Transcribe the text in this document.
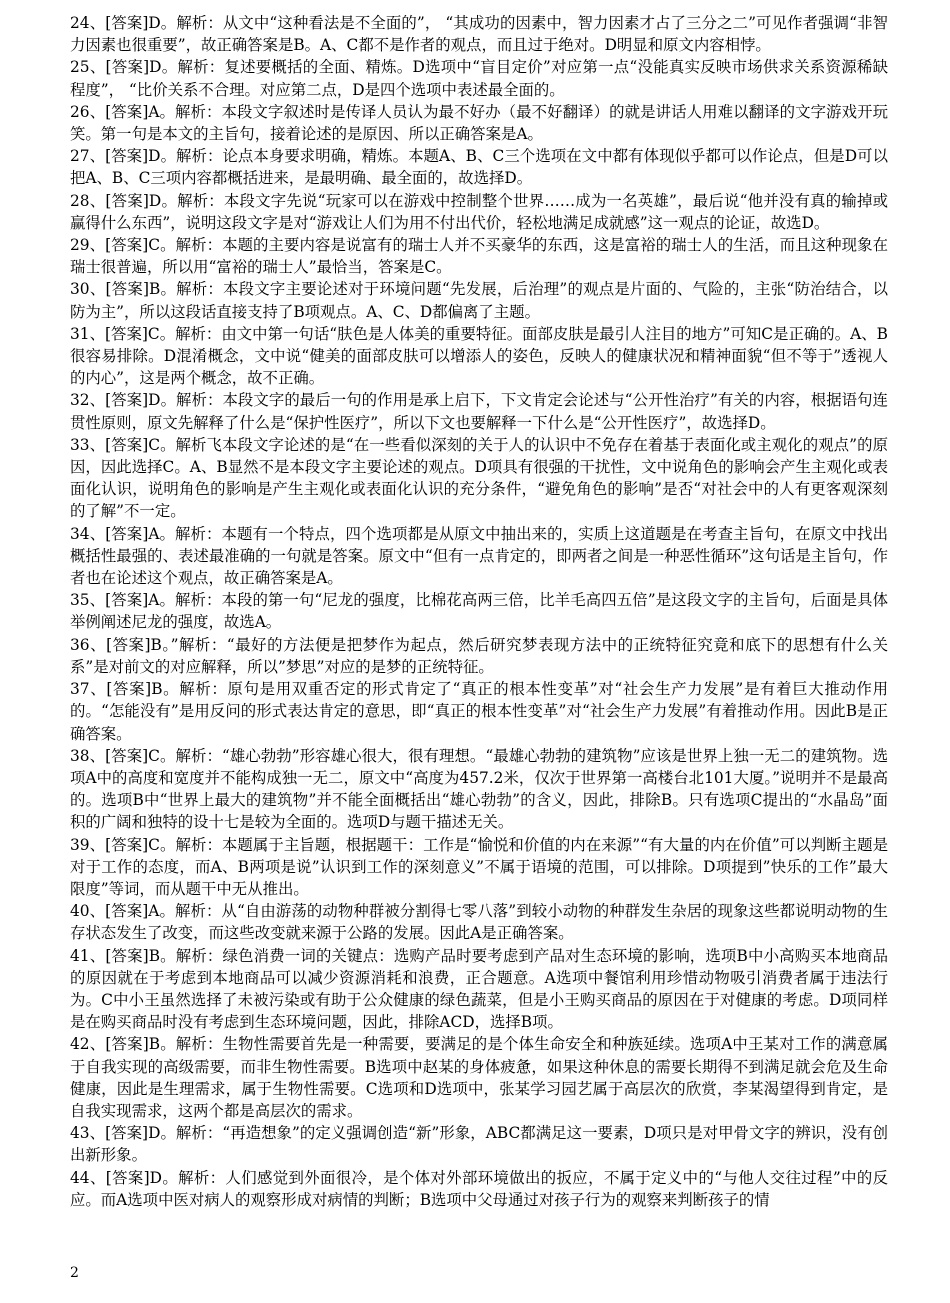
24、[答案]D。解析：从文中“这种看法是不全面的”， “其成功的因素中，智力因素才占了三分之二”可见作者强调“非智力因素也很重要”，故正确答案是B。A、C都不是作者的观点，而且过于绝对。D明显和原文内容相悖。

25、[答案]D。解析：复述要概括的全面、精炼。D选项中“盲目定价”对应第一点“没能真实反映市场供求关系资源稀缺程度”， “比价关系不合理。对应第二点，D是四个选项中表述最全面的。

26、[答案]A。解析：本段文字叙述时是传译人员认为最不好办（最不好翻译）的就是讲话人用难以翻译的文字游戏开玩笑。第一句是本文的主旨句，接着论述的是原因、所以正确答案是A。

27、[答案]D。解析：论点本身要求明确，精炼。本题A、B、C三个选项在文中都有体现似乎都可以作论点，但是D可以把A、B、C三项内容都概括进来，是最明确、最全面的，故选择D。

28、[答案]D。解析：本段文字先说“玩家可以在游戏中控制整个世界……成为一名英雄”，最后说“他并没有真的输掉或赢得什么东西”，说明这段文字是对“游戏让人们为用不付出代价，轻松地满足成就感”这一观点的论证，故选D。

29、[答案]C。解析：本题的主要内容是说富有的瑞士人并不买豪华的东西，这是富裕的瑞士人的生活，而且这种现象在瑞士很普遍，所以用“富裕的瑞士人”最恰当，答案是C。

30、[答案]B。解析：本段文字主要论述对于环境问题“先发展，后治理”的观点是片面的、气险的，主张“防治结合，以防为主”，所以这段话直接支持了B项观点。A、C、D都偏离了主题。

31、[答案]C。解析：由文中第一句话“肤色是人体美的重要特征。面部皮肤是最引人注目的地方”可知C是正确的。A、B很容易排除。D混淆概念，文中说“健美的面部皮肤可以增添人的姿色，反映人的健康状况和精神面貌“但不等于”透视人的内心”，这是两个概念，故不正确。

32、[答案]D。解析：本段文字的最后一句的作用是承上启下，下文肯定会论述与“公开性治疗”有关的内容，根据语句连贯性原则，原文先解释了什么是“保护性医疗”，所以下文也要解释一下什么是“公开性医疗”，故选择D。

33、[答案]C。解析飞本段文字论述的是“在一些看似深刻的关于人的认识中不免存在着基于表面化或主观化的观点”的原因，因此选择C。A、B显然不是本段文字主要论述的观点。D项具有很强的干扰性，文中说角色的影响会产生主观化或表面化认识，说明角色的影响是产生主观化或表面化认识的充分条件，“避免角色的影响”是否“对社会中的人有更客观深刻的了解”不一定。

34、[答案]A。解析：本题有一个特点，四个选项都是从原文中抽出来的，实质上这道题是在考查主旨句，在原文中找出概括性最强的、表述最准确的一句就是答案。原文中“但有一点肯定的，即两者之间是一种恶性循环”这句话是主旨句，作者也在论述这个观点，故正确答案是A。

35、[答案]A。解析：本段的第一句“尼龙的强度，比棉花高两三倍，比羊毛高四五倍”是这段文字的主旨句，后面是具体举例阐述尼龙的强度，故选A。

36、[答案]B。”解析：“最好的方法便是把梦作为起点，然后研究梦表现方法中的正统特征究竟和底下的思想有什么关系”是对前文的对应解释，所以”梦思”对应的是梦的正统特征。

37、[答案]B。解析：原句是用双重否定的形式肯定了“真正的根本性变革”对“社会生产力发展”是有着巨大推动作用的。“怎能没有”是用反问的形式表达肯定的意思，即“真正的根本性变革”对“社会生产力发展”有着推动作用。因此B是正确答案。

38、[答案]C。解析：“雄心勃勃”形容雄心很大，很有理想。“最雄心勃勃的建筑物”应该是世界上独一无二的建筑物。选项A中的高度和宽度并不能构成独一无二，原文中“高度为457.2米，仅次于世界第一高楼台北101大厦。”说明并不是最高的。选项B中“世界上最大的建筑物”并不能全面概括出“雄心勃勃”的含义，因此，排除B。只有选项C提出的“水晶岛”面积的广阔和独特的设十七是较为全面的。选项D与题干描述无关。

39、[答案]C。解析：本题属于主旨题，根据题干：工作是“愉悦和价值的内在来源”“有大量的内在价值”可以判断主题是对于工作的态度，而A、B两项是说”认识到工作的深刻意义”不属于语境的范围，可以排除。D项提到”快乐的工作”最大限度”等词，而从题干中无从推出。

40、[答案]A。解析：从“自由游荡的动物种群被分割得七零八落”到较小动物的种群发生杂居的现象这些都说明动物的生存状态发生了改变，而这些改变就来源于公路的发展。因此A是正确答案。

41、[答案]B。解析：绿色消费一词的关键点：选购产品时要考虑到产品对生态环境的影响，选项B中小高购买本地商品的原因就在于考虑到本地商品可以减少资源消耗和浪费，正合题意。A选项中餐馆利用珍惜动物吸引消费者属于违法行为。C中小王虽然选择了未被污染或有助于公众健康的绿色蔬菜，但是小王购买商品的原因在于对健康的考虑。D项同样是在购买商品时没有考虑到生态环境问题，因此，排除ACD，选择B项。

42、[答案]B。解析：生物性需要首先是一种需要，要满足的是个体生命安全和种族延续。选项A中王某对工作的满意属于自我实现的高级需要，而非生物性需要。B选项中赵某的身体疲惫，如果这种休息的需要长期得不到满足就会危及生命健康，因此是生理需求，属于生物性需要。C选项和D选项中，张某学习园艺属于高层次的欣赏，李某渴望得到肯定，是自我实现需求，这两个都是高层次的需求。

43、[答案]D。解析：“再造想象”的定义强调创造“新”形象，ABC都满足这一要素，D项只是对甲骨文字的辨识，没有创出新形象。

44、[答案]D。解析：人们感觉到外面很冷，是个体对外部环境做出的扳应，不属于定义中的“与他人交往过程”中的反应。而A选项中医对病人的观察形成对病情的判断；B选项中父母通过对孩子行为的观察来判断孩子的情

2
